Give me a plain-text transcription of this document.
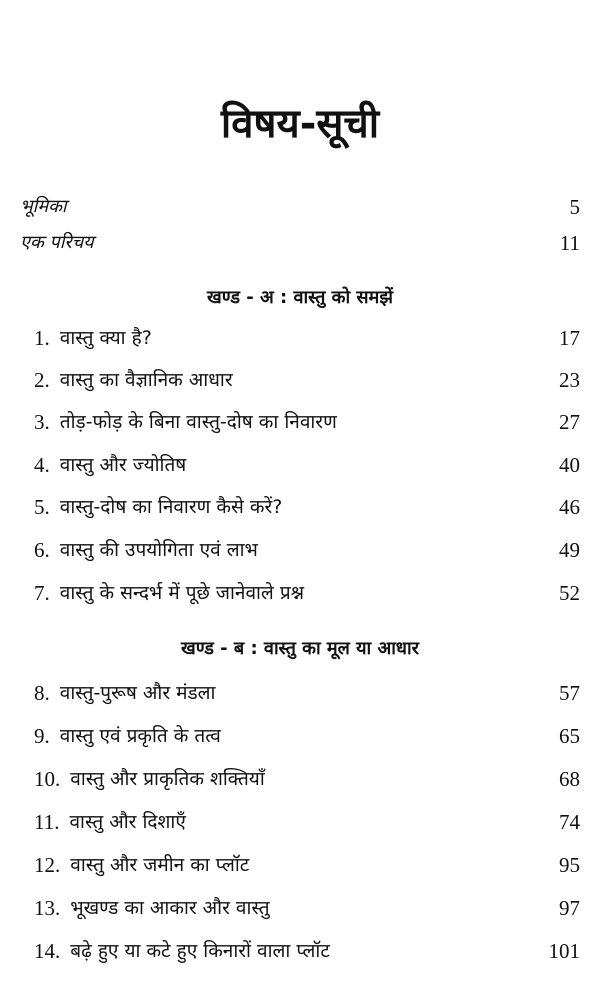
विषय-सूची
भूमिका	5
एक परिचय	11
खण्ड - अ : वास्तु को समझें
1. वास्तु क्या है?	17
2. वास्तु का वैज्ञानिक आधार	23
3. तोड़-फोड़ के बिना वास्तु-दोष का निवारण	27
4. वास्तु और ज्योतिष	40
5. वास्तु-दोष का निवारण कैसे करें?	46
6. वास्तु की उपयोगिता एवं लाभ	49
7. वास्तु के सन्दर्भ में पूछे जानेवाले प्रश्न	52
खण्ड - ब : वास्तु का मूल या आधार
8. वास्तु-पुरूष और मंडला	57
9. वास्तु एवं प्रकृति के तत्व	65
10. वास्तु और प्राकृतिक शक्तियाँ	68
11. वास्तु और दिशाएँ	74
12. वास्तु और जमीन का प्लॉट	95
13. भूखण्ड का आकार और वास्तु	97
14. बढ़े हुए या कटे हुए किनारों वाला प्लॉट	101
